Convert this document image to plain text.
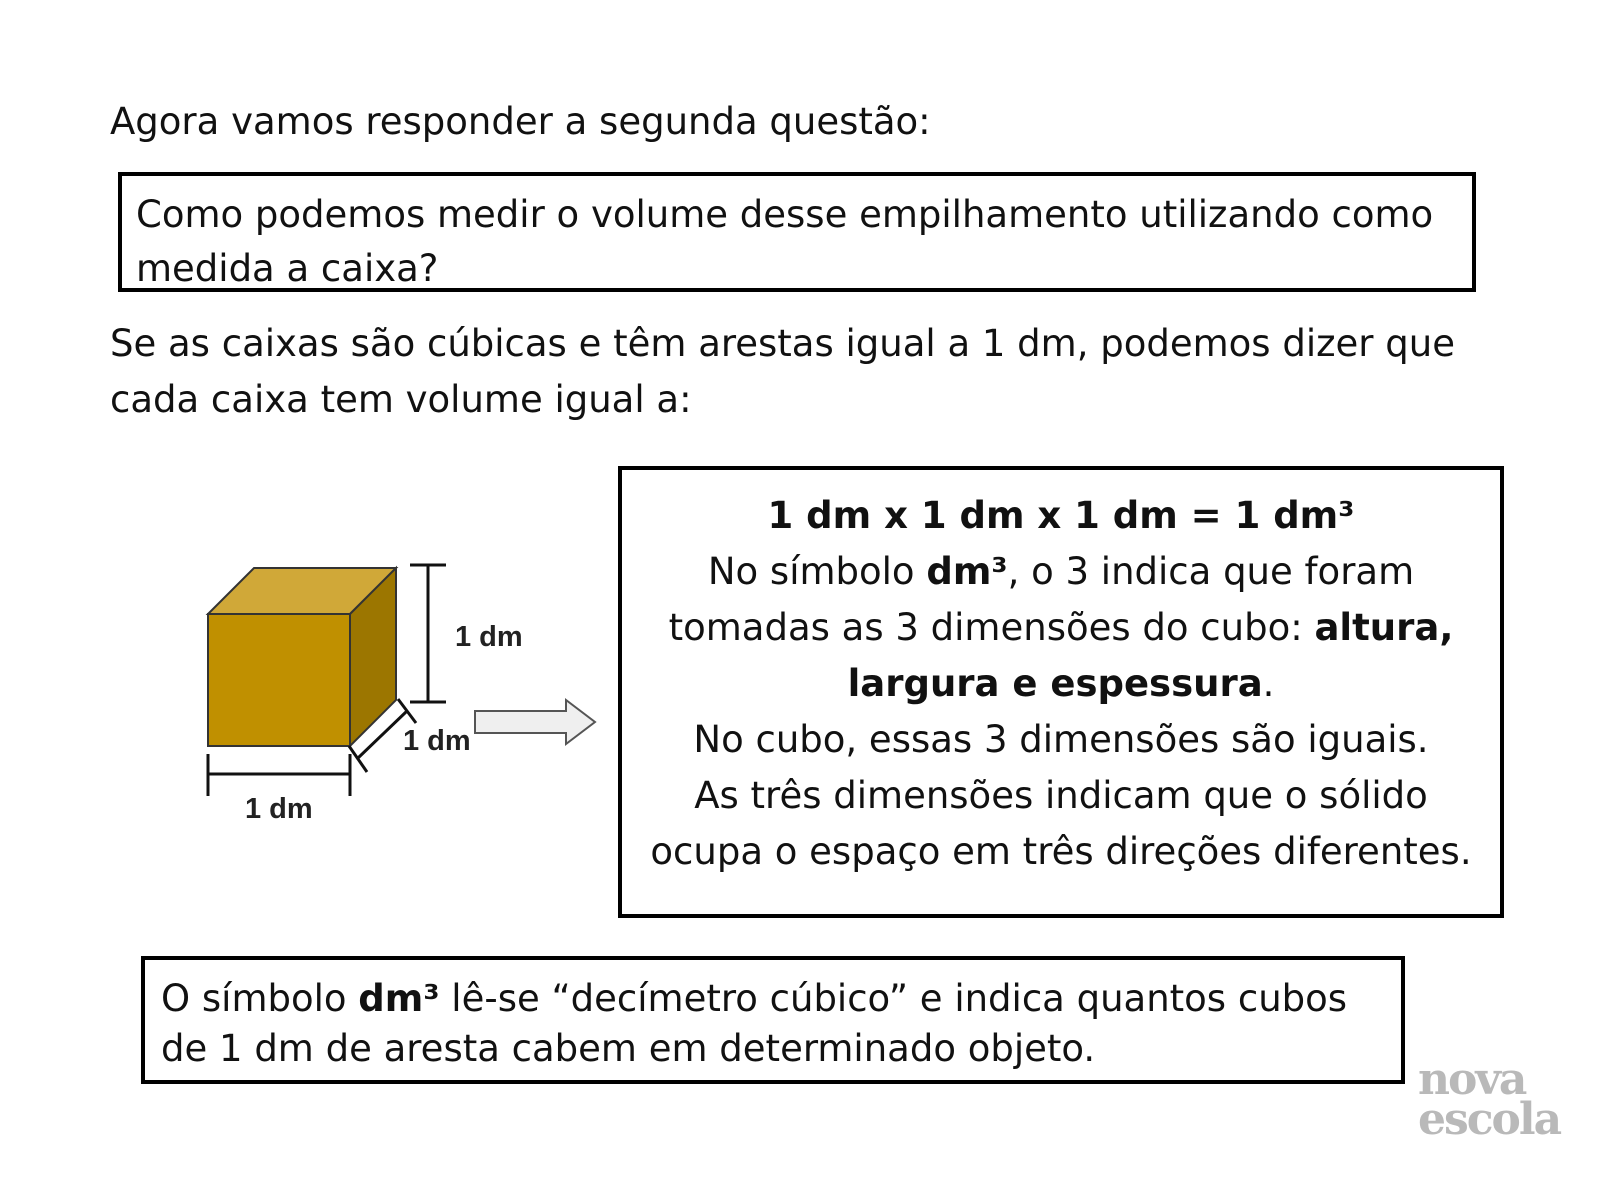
Agora vamos responder a segunda questão:
Como podemos medir o volume desse empilhamento utilizando como medida a caixa?
Se as caixas são cúbicas e têm arestas igual a 1 dm, podemos dizer que cada caixa tem volume igual a:
1 dm
1 dm
1 dm
1 dm x 1 dm x 1 dm = 1 dm³
No símbolo dm³, o 3 indica que foram
tomadas as 3 dimensões do cubo: altura,
largura e espessura.
No cubo, essas 3 dimensões são iguais.
As três dimensões indicam que o sólido
ocupa o espaço em três direções diferentes.
O símbolo dm³ lê-se “decímetro cúbico” e indica quantos cubos de 1 dm de aresta cabem em determinado objeto.
nova
escola
